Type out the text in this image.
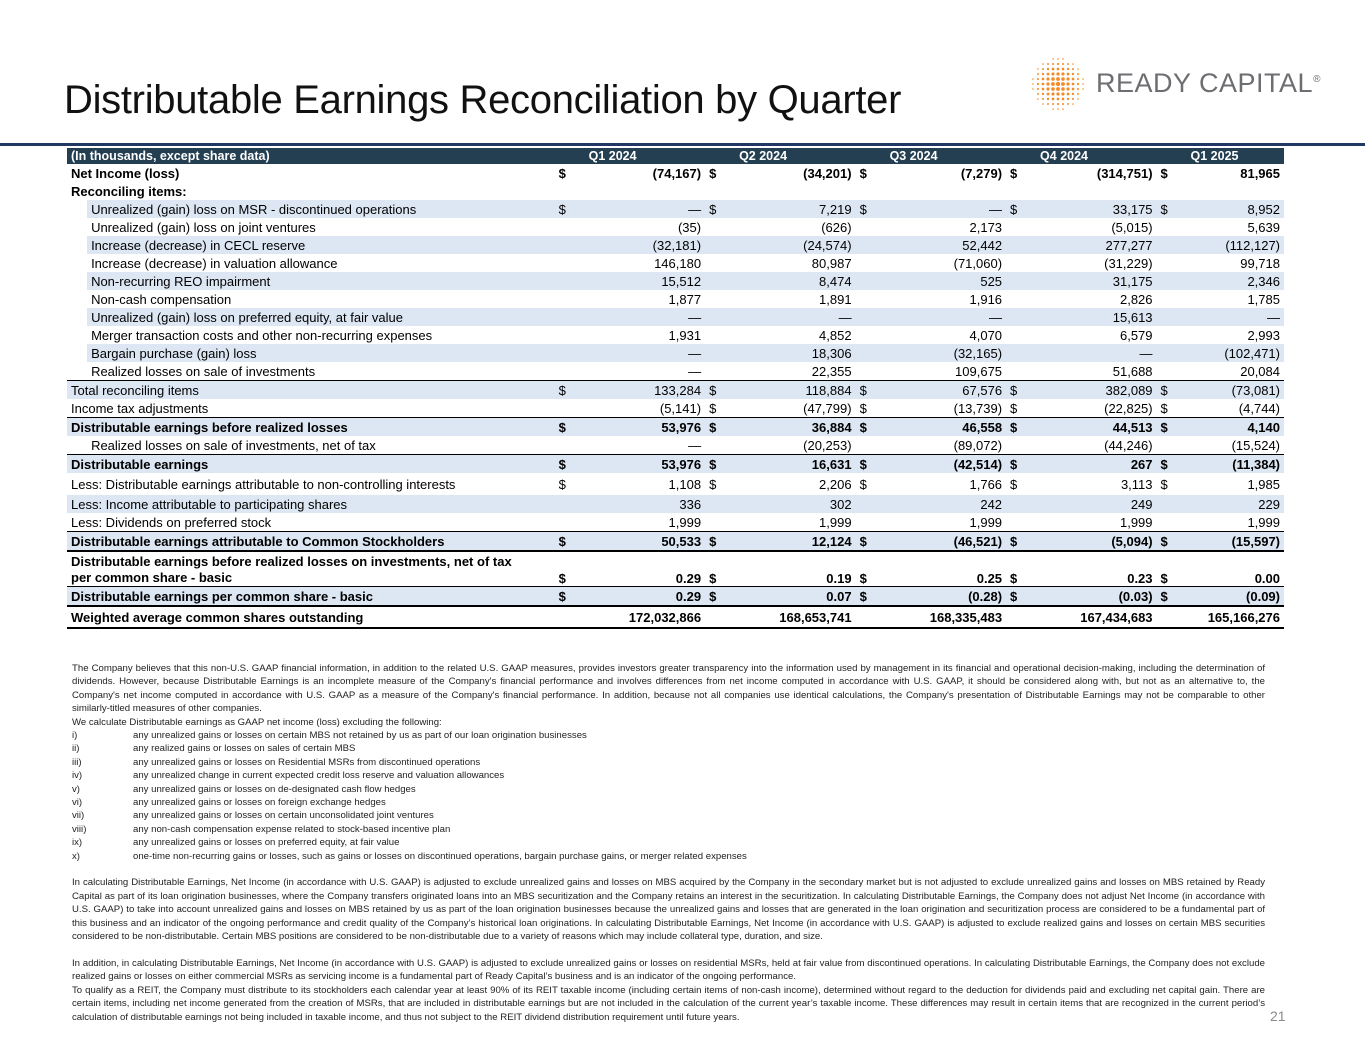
Distributable Earnings Reconciliation by Quarter	READY CAPITAL®
(In thousands, except share data)		Q1 2024		Q2 2024		Q3 2024		Q4 2024		Q1 2025	
Net Income (loss)		$	(74,167)	$	(34,201)	$	(7,279)	$	(314,751)	$	81,965
Reconciling items:											
	Unrealized (gain) loss on MSR - discontinued operations	$	—	$	7,219	$	—	$	33,175	$	8,952
	Unrealized (gain) loss on joint ventures		(35)		(626)		2,173		(5,015)		5,639
	Increase (decrease) in CECL reserve		(32,181)		(24,574)		52,442		277,277		(112,127)
	Increase (decrease) in valuation allowance		146,180		80,987		(71,060)		(31,229)		99,718
	Non-recurring REO impairment		15,512		8,474		525		31,175		2,346
	Non-cash compensation		1,877		1,891		1,916		2,826		1,785
	Unrealized (gain) loss on preferred equity, at fair value		—		—		—		15,613		—
	Merger transaction costs and other non-recurring expenses		1,931		4,852		4,070		6,579		2,993
	Bargain purchase (gain) loss		—		18,306		(32,165)		—		(102,471)
	Realized losses on sale of investments		—		22,355		109,675		51,688		20,084
Total reconciling items		$	133,284	$	118,884	$	67,576	$	382,089	$	(73,081)
Income tax adjustments			(5,141)	$	(47,799)	$	(13,739)	$	(22,825)	$	(4,744)
Distributable earnings before realized losses		$	53,976	$	36,884	$	46,558	$	44,513	$	4,140
	Realized losses on sale of investments, net of tax		—		(20,253)		(89,072)		(44,246)		(15,524)
Distributable earnings		$	53,976	$	16,631	$	(42,514)	$	267	$	(11,384)
Less: Distributable earnings attributable to non-controlling interests		$	1,108	$	2,206	$	1,766	$	3,113	$	1,985
Less: Income attributable to participating shares			336		302		242		249		229
Less: Dividends on preferred stock			1,999		1,999		1,999		1,999		1,999
Distributable earnings attributable to Common Stockholders		$	50,533	$	12,124	$	(46,521)	$	(5,094)	$	(15,597)

Distributable earnings before realized losses on investments, net of tax
per common share - basic		$	0.29	$	0.19	$	0.25	$	0.23	$	0.00
Distributable earnings per common share - basic		$	0.29	$	0.07	$	(0.28)	$	(0.03)	$	(0.09)
Weighted average common shares outstanding			172,032,866		168,653,741		168,335,483		167,434,683		165,166,276

The Company believes that this non-U.S. GAAP financial information, in addition to the related U.S. GAAP measures, provides investors greater transparency into the information used by management in its financial and operational decision-making, including the determination of dividends. However, because Distributable Earnings is an incomplete measure of the Company's financial performance and involves differences from net income computed in accordance with U.S. GAAP, it should be considered along with, but not as an alternative to, the Company's net income computed in accordance with U.S. GAAP as a measure of the Company's financial performance. In addition, because not all companies use identical calculations, the Company's presentation of Distributable Earnings may not be comparable to other similarly-titled measures of other companies.

We calculate Distributable earnings as GAAP net income (loss) excluding the following:

i)	any unrealized gains or losses on certain MBS not retained by us as part of our loan origination businesses
ii)	any realized gains or losses on sales of certain MBS
iii)	any unrealized gains or losses on Residential MSRs from discontinued operations
iv)	any unrealized change in current expected credit loss reserve and valuation allowances
v)	any unrealized gains or losses on de-designated cash flow hedges
vi)	any unrealized gains or losses on foreign exchange hedges
vii)	any unrealized gains or losses on certain unconsolidated joint ventures
viii)	any non-cash compensation expense related to stock-based incentive plan
ix)	any unrealized gains or losses on preferred equity, at fair value
x)	one-time non-recurring gains or losses, such as gains or losses on discontinued operations, bargain purchase gains, or merger related expenses

In calculating Distributable Earnings, Net Income (in accordance with U.S. GAAP) is adjusted to exclude unrealized gains and losses on MBS acquired by the Company in the secondary market but is not adjusted to exclude unrealized gains and losses on MBS retained by Ready Capital as part of its loan origination businesses, where the Company transfers originated loans into an MBS securitization and the Company retains an interest in the securitization. In calculating Distributable Earnings, the Company does not adjust Net Income (in accordance with U.S. GAAP) to take into account unrealized gains and losses on MBS retained by us as part of the loan origination businesses because the unrealized gains and losses that are generated in the loan origination and securitization process are considered to be a fundamental part of this business and an indicator of the ongoing performance and credit quality of the Company’s historical loan originations. In calculating Distributable Earnings, Net Income (in accordance with U.S. GAAP) is adjusted to exclude realized gains and losses on certain MBS securities considered to be non-distributable. Certain MBS positions are considered to be non-distributable due to a variety of reasons which may include collateral type, duration, and size.

In addition, in calculating Distributable Earnings, Net Income (in accordance with U.S. GAAP) is adjusted to exclude unrealized gains or losses on residential MSRs, held at fair value from discontinued operations. In calculating Distributable Earnings, the Company does not exclude realized gains or losses on either commercial MSRs as servicing income is a fundamental part of Ready Capital’s business and is an indicator of the ongoing performance.

To qualify as a REIT, the Company must distribute to its stockholders each calendar year at least 90% of its REIT taxable income (including certain items of non-cash income), determined without regard to the deduction for dividends paid and excluding net capital gain. There are certain items, including net income generated from the creation of MSRs, that are included in distributable earnings but are not included in the calculation of the current year’s taxable income. These differences may result in certain items that are recognized in the current period’s calculation of distributable earnings not being included in taxable income, and thus not subject to the REIT dividend distribution requirement until future years.	21
